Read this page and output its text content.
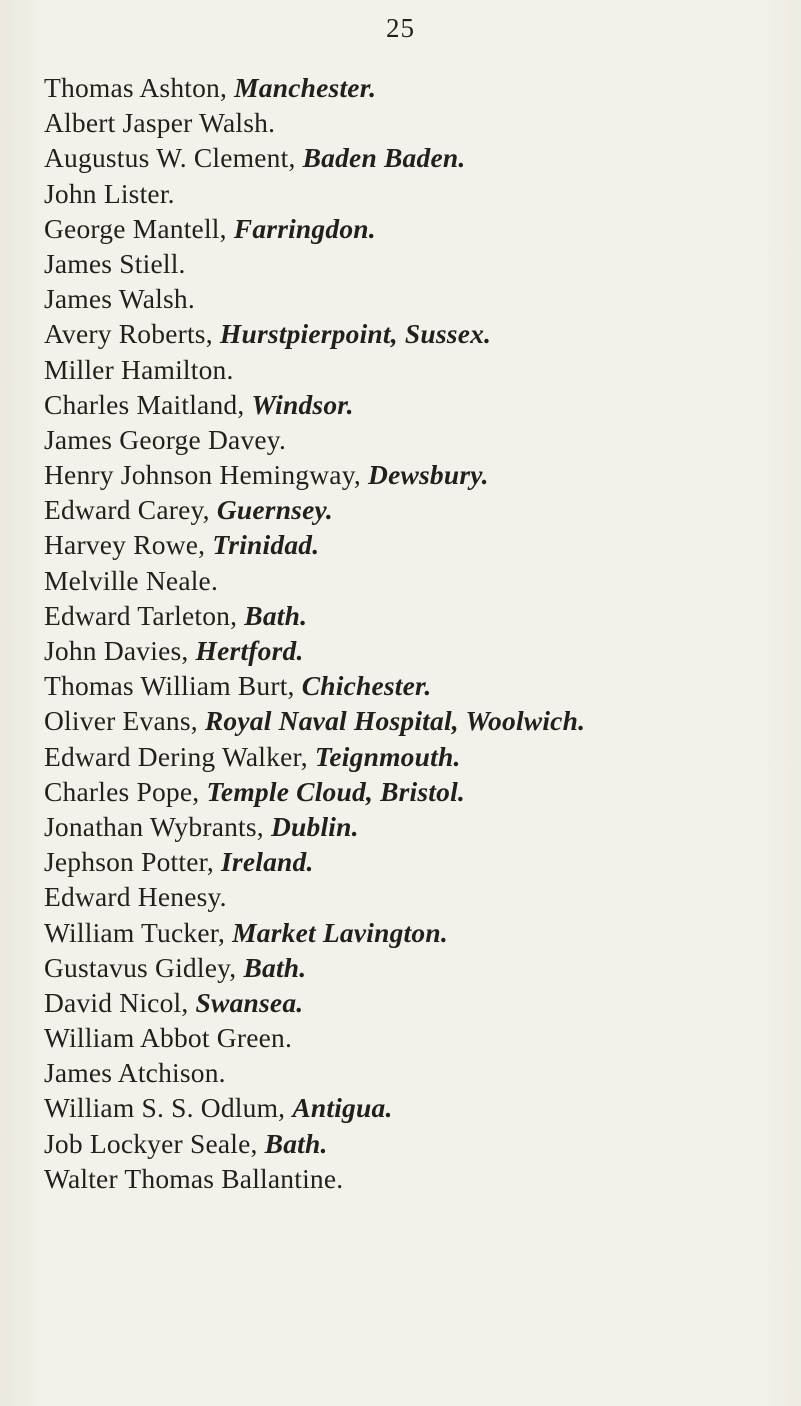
25
Thomas Ashton, Manchester.
Albert Jasper Walsh.
Augustus W. Clement, Baden Baden.
John Lister.
George Mantell, Farringdon.
James Stiell.
James Walsh.
Avery Roberts, Hurstpierpoint, Sussex.
Miller Hamilton.
Charles Maitland, Windsor.
James George Davey.
Henry Johnson Hemingway, Dewsbury.
Edward Carey, Guernsey.
Harvey Rowe, Trinidad.
Melville Neale.
Edward Tarleton, Bath.
John Davies, Hertford.
Thomas William Burt, Chichester.
Oliver Evans, Royal Naval Hospital, Woolwich.
Edward Dering Walker, Teignmouth.
Charles Pope, Temple Cloud, Bristol.
Jonathan Wybrants, Dublin.
Jephson Potter, Ireland.
Edward Henesy.
William Tucker, Market Lavington.
Gustavus Gidley, Bath.
David Nicol, Swansea.
William Abbot Green.
James Atchison.
William S. S. Odlum, Antigua.
Job Lockyer Seale, Bath.
Walter Thomas Ballantine.
